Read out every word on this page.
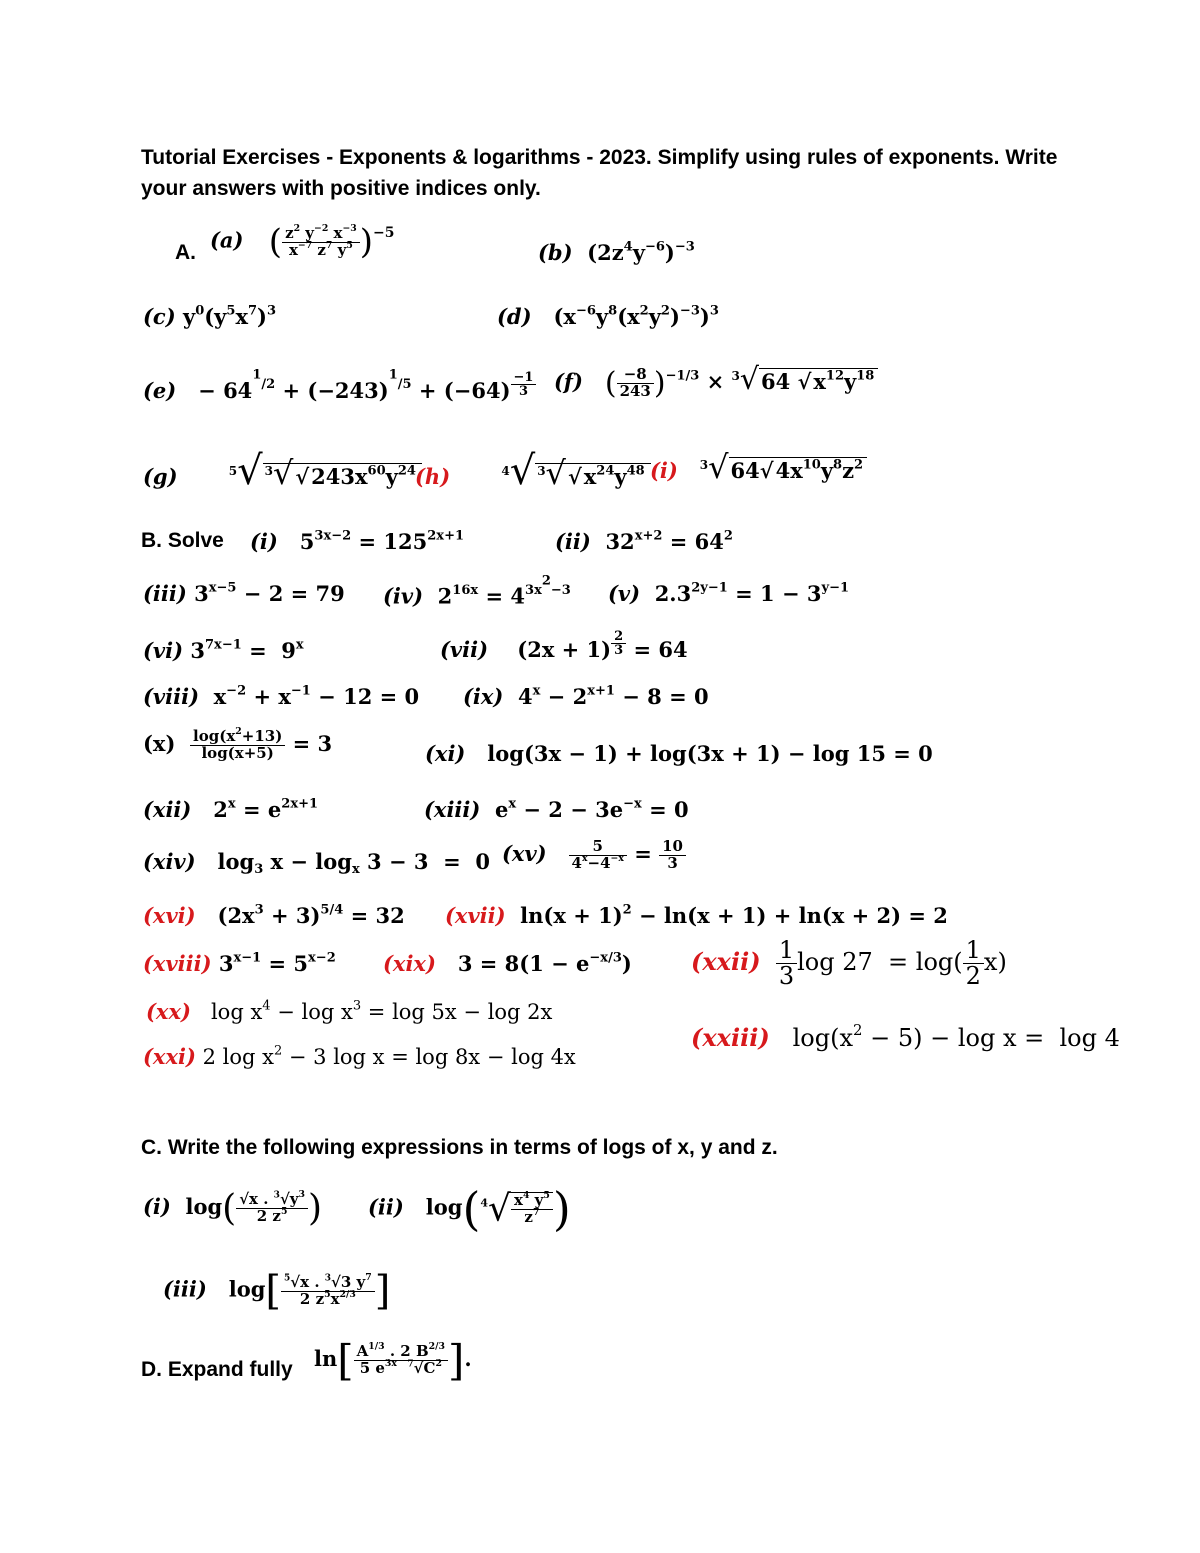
Tutorial Exercises - Exponents & logarithms - 2023. Simplify using rules of exponents. Write
your answers with positive indices only.
A. (a) ( $\frac{z^2 y^{-2} x^{-3}}{x^{-7} z^7 y^5} )^{-5}$
(b)  $(2z^4y^{-6})^{-3}$
(c) $y^0(y^5x^7)^3$	(d)   $(x^{-6}y^8(x^2y^2)^{-3})^3$
$(e) - 64^{^1/2} + (-243)^{^1/5} + (-64)$ $^{\frac{-1}{3}}$ (f) ( $\frac{-8}{243} )^{-1/3} \times ^3√64$ $√x^{12}y^{18}$
(g)	$^5$√ $^3√√243x^{60}y^{24}$ (h)	$^4$√ $^3√√x^{24}y^{48}$ (i) $^3√64√4x^{10}y^8z^2$
B. Solve (i)   $5^{3x-2} = 125^{2x+1}$	(ii)  $32^{x+2} = 64^2$
(iii) $3^{x-5} - 2 = 79$ (iv)  $2^{16x} = 4^{3x^2-3}$ (v)  $2.3^{2y-1} = 1 - 3^{y-1}$
(vi) $3^{7x-1} = 9^x$	(vii)    (2x + 1) $^{\frac{2}{3}}$ = 64
(viii)  $x^{-2} + x^{-1} - 12 = 0$ (ix)  $4^x - 2^{x+1} - 8 = 0$
$(x) \frac{\log(x^2+13)}{\log(x+5)} = 3$	(xi)   log(3x − 1) + log(3x + 1) − log 15 = 0
(xii)   $2^x = e^{2x+1}$	(xiii)  $e^x - 2 - 3e^{-x} = 0$
(xiv)   $\log_3 x - \log_x 3 - 3 = 0$ $(xv) \frac{5}{4^x-4^{-x}} = \frac{10}{3}$
(xvi)   $(2x^3 + 3)^{5/4} = 32$ (xvii)  $\ln(x + 1)^2 - \ln(x + 1) + \ln(x + 2) = 2$
(xviii) $3^{x-1} = 5^{x-2}$ (xix)   $3 = 8(1 - e^{-x/3})$
(xx)   $\log x^4 - \log x^3 = \log 5x - \log 2x$
(xxi) 2 $\log x^2 - 3$ log x = log 8x − log 4x
(xxii) $\frac{1}{3}$ $\log 27 = \log( \frac{1}{2} x)$
(xxiii)   $\log(x^2 - 5) - \log x = \log 4$
C. Write the following expressions in terms of logs of x, y and z.
(i)  $\log( \frac{√x . ^3√y^3}{2 z^5}$ ) (ii)   $\log(^4√ \frac{x^4 y^5}{z^7}$ )
(iii)   $\log[ \frac{^5√x . ^3√3 y^7}{2 z^5x^{2/3}}$ ]
D. Expand fully $\ln[ \frac{A^{1/3} . 2 B^{2/3}}{5 e^{3x} ^7√C^2}$ ].
